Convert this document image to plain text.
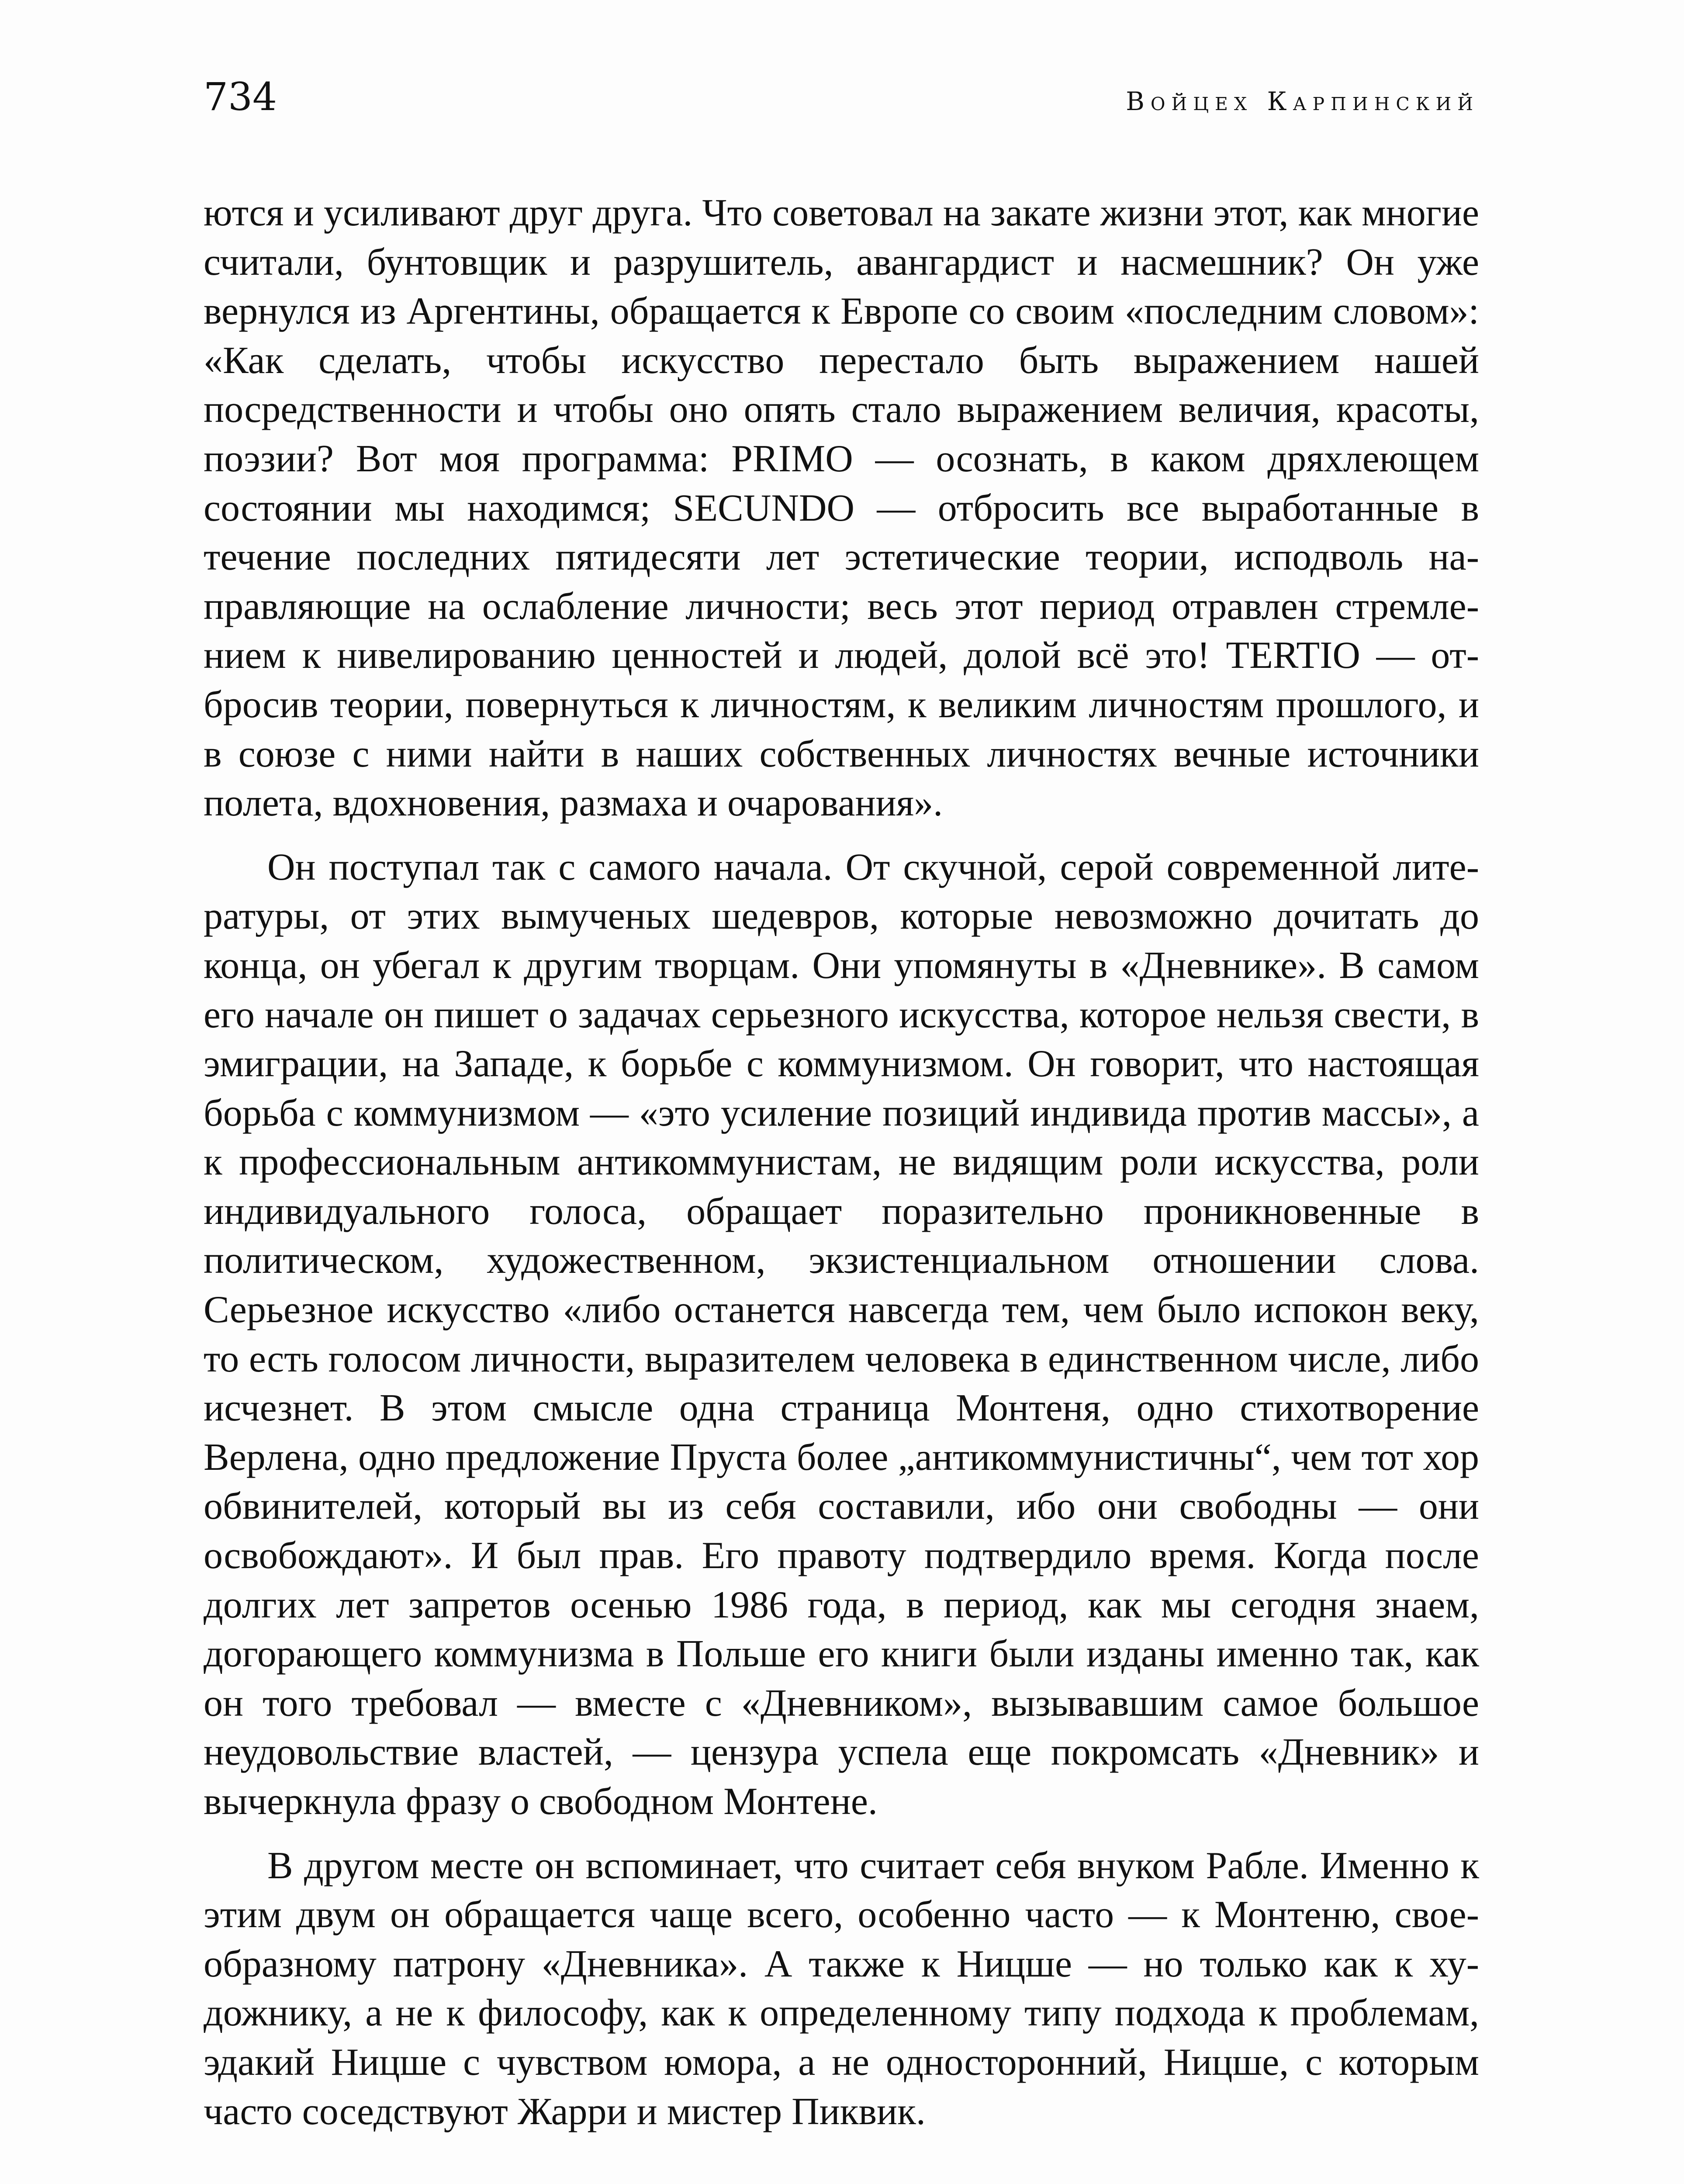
734	Войцех Карпинский

ются и усиливают друг друга. Что советовал на закате жизни этот, как многие считали, бунтовщик и разрушитель, авангардист и насмешник? Он уже вернулся из Аргентины, обращается к Европе со своим «последним словом»: «Как сделать, чтобы искусство перестало быть выражением нашей посредственности и чтобы оно опять стало выражением величия, красоты, поэзии? Вот моя программа: PRIMO — осознать, в каком дряхлеющем состоянии мы находимся; SECUNDO — отбросить все выработанные в течение последних пятидесяти лет эстетические теории, исподволь направляющие на ослабление личности; весь этот период отравлен стремлением к нивелированию ценностей и людей, долой всё это! TERTIO — отбросив теории, повернуться к личностям, к великим личностям прошлого, и в союзе с ними найти в наших собственных личностях вечные источники полета, вдохновения, размаха и очарования».

Он поступал так с самого начала. От скучной, серой современной литературы, от этих вымученых шедевров, которые невозможно дочитать до конца, он убегал к другим творцам. Они упомянуты в «Дневнике». В самом его начале он пишет о задачах серьезного искусства, которое нельзя свести, в эмиграции, на Западе, к борьбе с коммунизмом. Он говорит, что настоящая борьба с коммунизмом — «это усиление позиций индивида против массы», а к профессиональным антикоммунистам, не видящим роли искусства, роли индивидуального голоса, обращает поразительно проникновенные в политическом, художественном, экзистенциальном отношении слова. Серьезное искусство «либо останется навсегда тем, чем было испокон веку, то есть голосом личности, выразителем человека в единственном числе, либо исчезнет. В этом смысле одна страница Монтеня, одно стихотворение Верлена, одно предложение Пруста более „антикоммунистичны“, чем тот хор обвинителей, который вы из себя составили, ибо они свободны — они освобождают». И был прав. Его правоту подтвердило время. Когда после долгих лет запретов осенью 1986 года, в период, как мы сегодня знаем, догорающего коммунизма в Польше его книги были изданы именно так, как он того требовал — вместе с «Дневником», вызывавшим самое большое неудовольствие властей, — цензура успела еще покромсать «Дневник» и вычеркнула фразу о свободном Монтене.

В другом месте он вспоминает, что считает себя внуком Рабле. Именно к этим двум он обращается чаще всего, особенно часто — к Монтеню, своеобразному патрону «Дневника». А также к Ницше — но только как к художнику, а не к философу, как к определенному типу подхода к проблемам, эдакий Ницше с чувством юмора, а не односторонний, Ницше, с которым часто соседствуют Жарри и мистер Пиквик.
